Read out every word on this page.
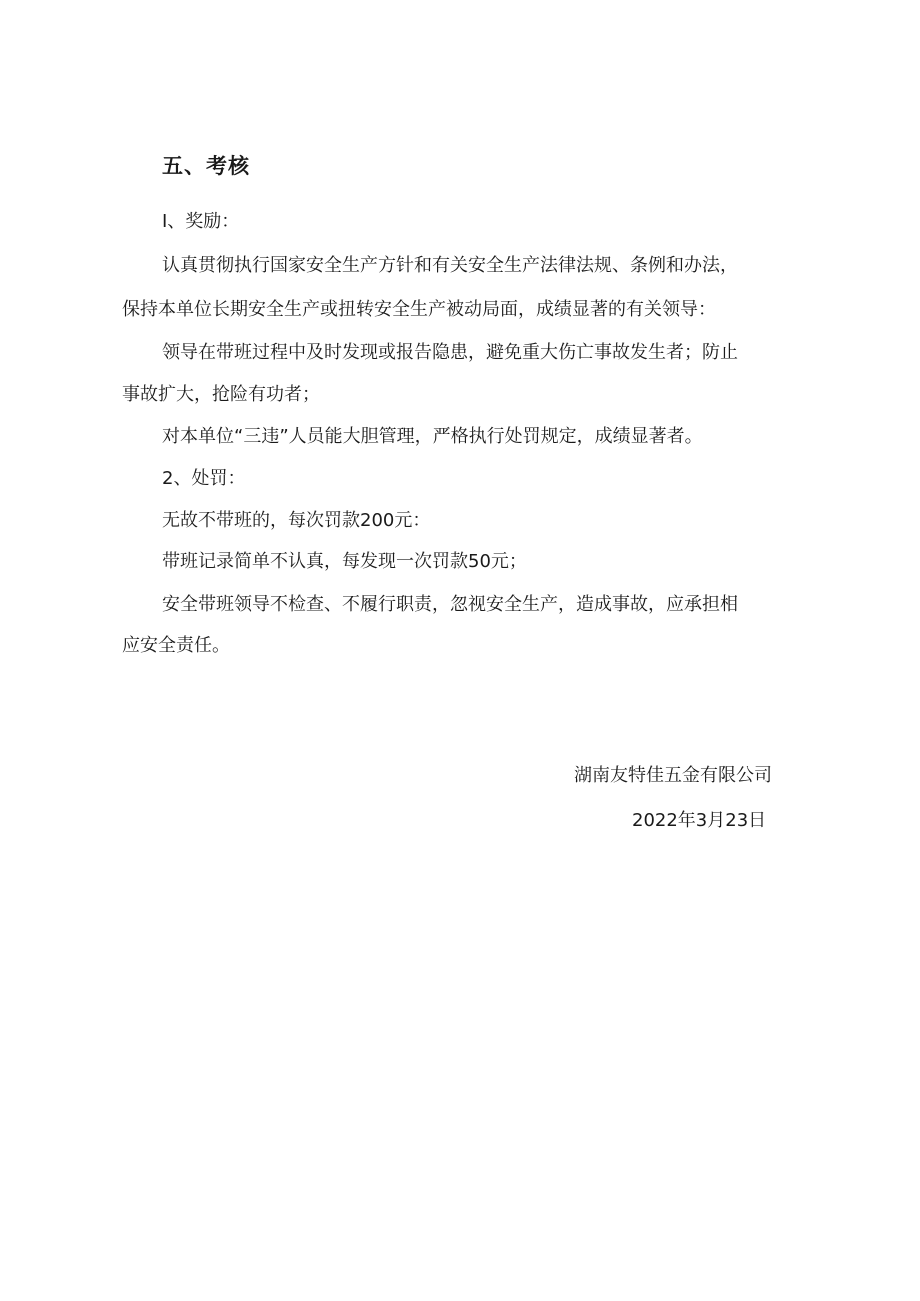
五、考核
I、奖励：
认真贯彻执行国家安全生产方针和有关安全生产法律法规、条例和办法，
保持本单位长期安全生产或扭转安全生产被动局面，成绩显著的有关领导：
领导在带班过程中及时发现或报告隐患，避免重大伤亡事故发生者；防止
事故扩大，抢险有功者；
对本单位“三违”人员能大胆管理，严格执行处罚规定，成绩显著者。
2、处罚：
无故不带班的，每次罚款200元：
带班记录简单不认真，每发现一次罚款50元；
安全带班领导不检查、不履行职责，忽视安全生产，造成事故，应承担相
应安全责任。
湖南友特佳五金有限公司
2022年3月23日
